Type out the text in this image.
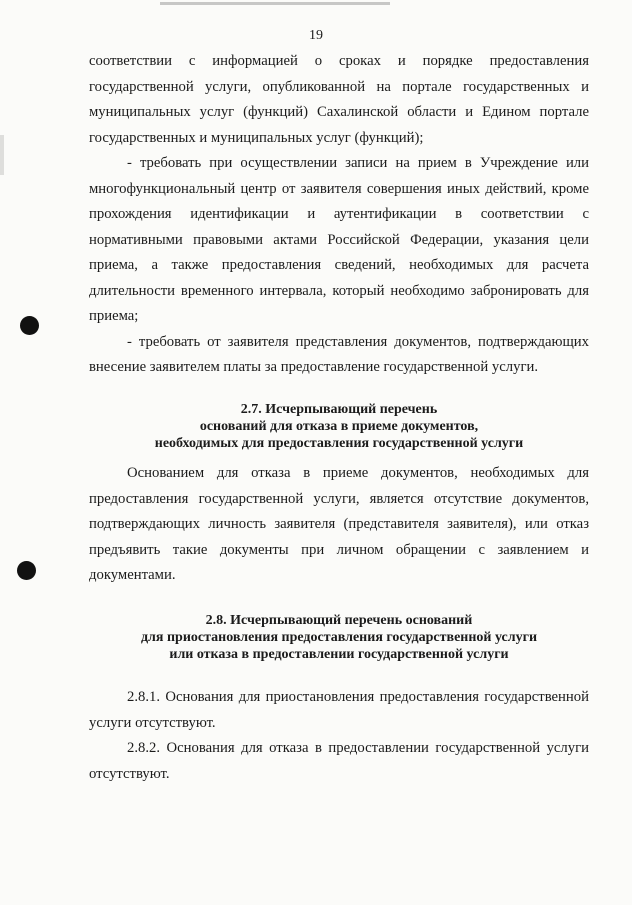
19

соответствии с информацией о сроках и порядке предоставления государственной услуги, опубликованной на портале государственных и муниципальных услуг (функций) Сахалинской области и Едином портале государственных и муниципальных услуг (функций);

- требовать при осуществлении записи на прием в Учреждение или многофункциональный центр от заявителя совершения иных действий, кроме прохождения идентификации и аутентификации в соответствии с нормативными правовыми актами Российской Федерации, указания цели приема, а также предоставления сведений, необходимых для расчета длительности временного интервала, который необходимо забронировать для приема;

- требовать от заявителя представления документов, подтверждающих внесение заявителем платы за предоставление государственной услуги.

2.7. Исчерпывающий перечень
оснований для отказа в приеме документов,
необходимых для предоставления государственной услуги

Основанием для отказа в приеме документов, необходимых для предоставления государственной услуги, является отсутствие документов, подтверждающих личность заявителя (представителя заявителя), или отказ предъявить такие документы при личном обращении с заявлением и документами.

2.8. Исчерпывающий перечень оснований
для приостановления предоставления государственной услуги
или отказа в предоставлении государственной услуги

2.8.1. Основания для приостановления предоставления государственной услуги отсутствуют.

2.8.2. Основания для отказа в предоставлении государственной услуги отсутствуют.
